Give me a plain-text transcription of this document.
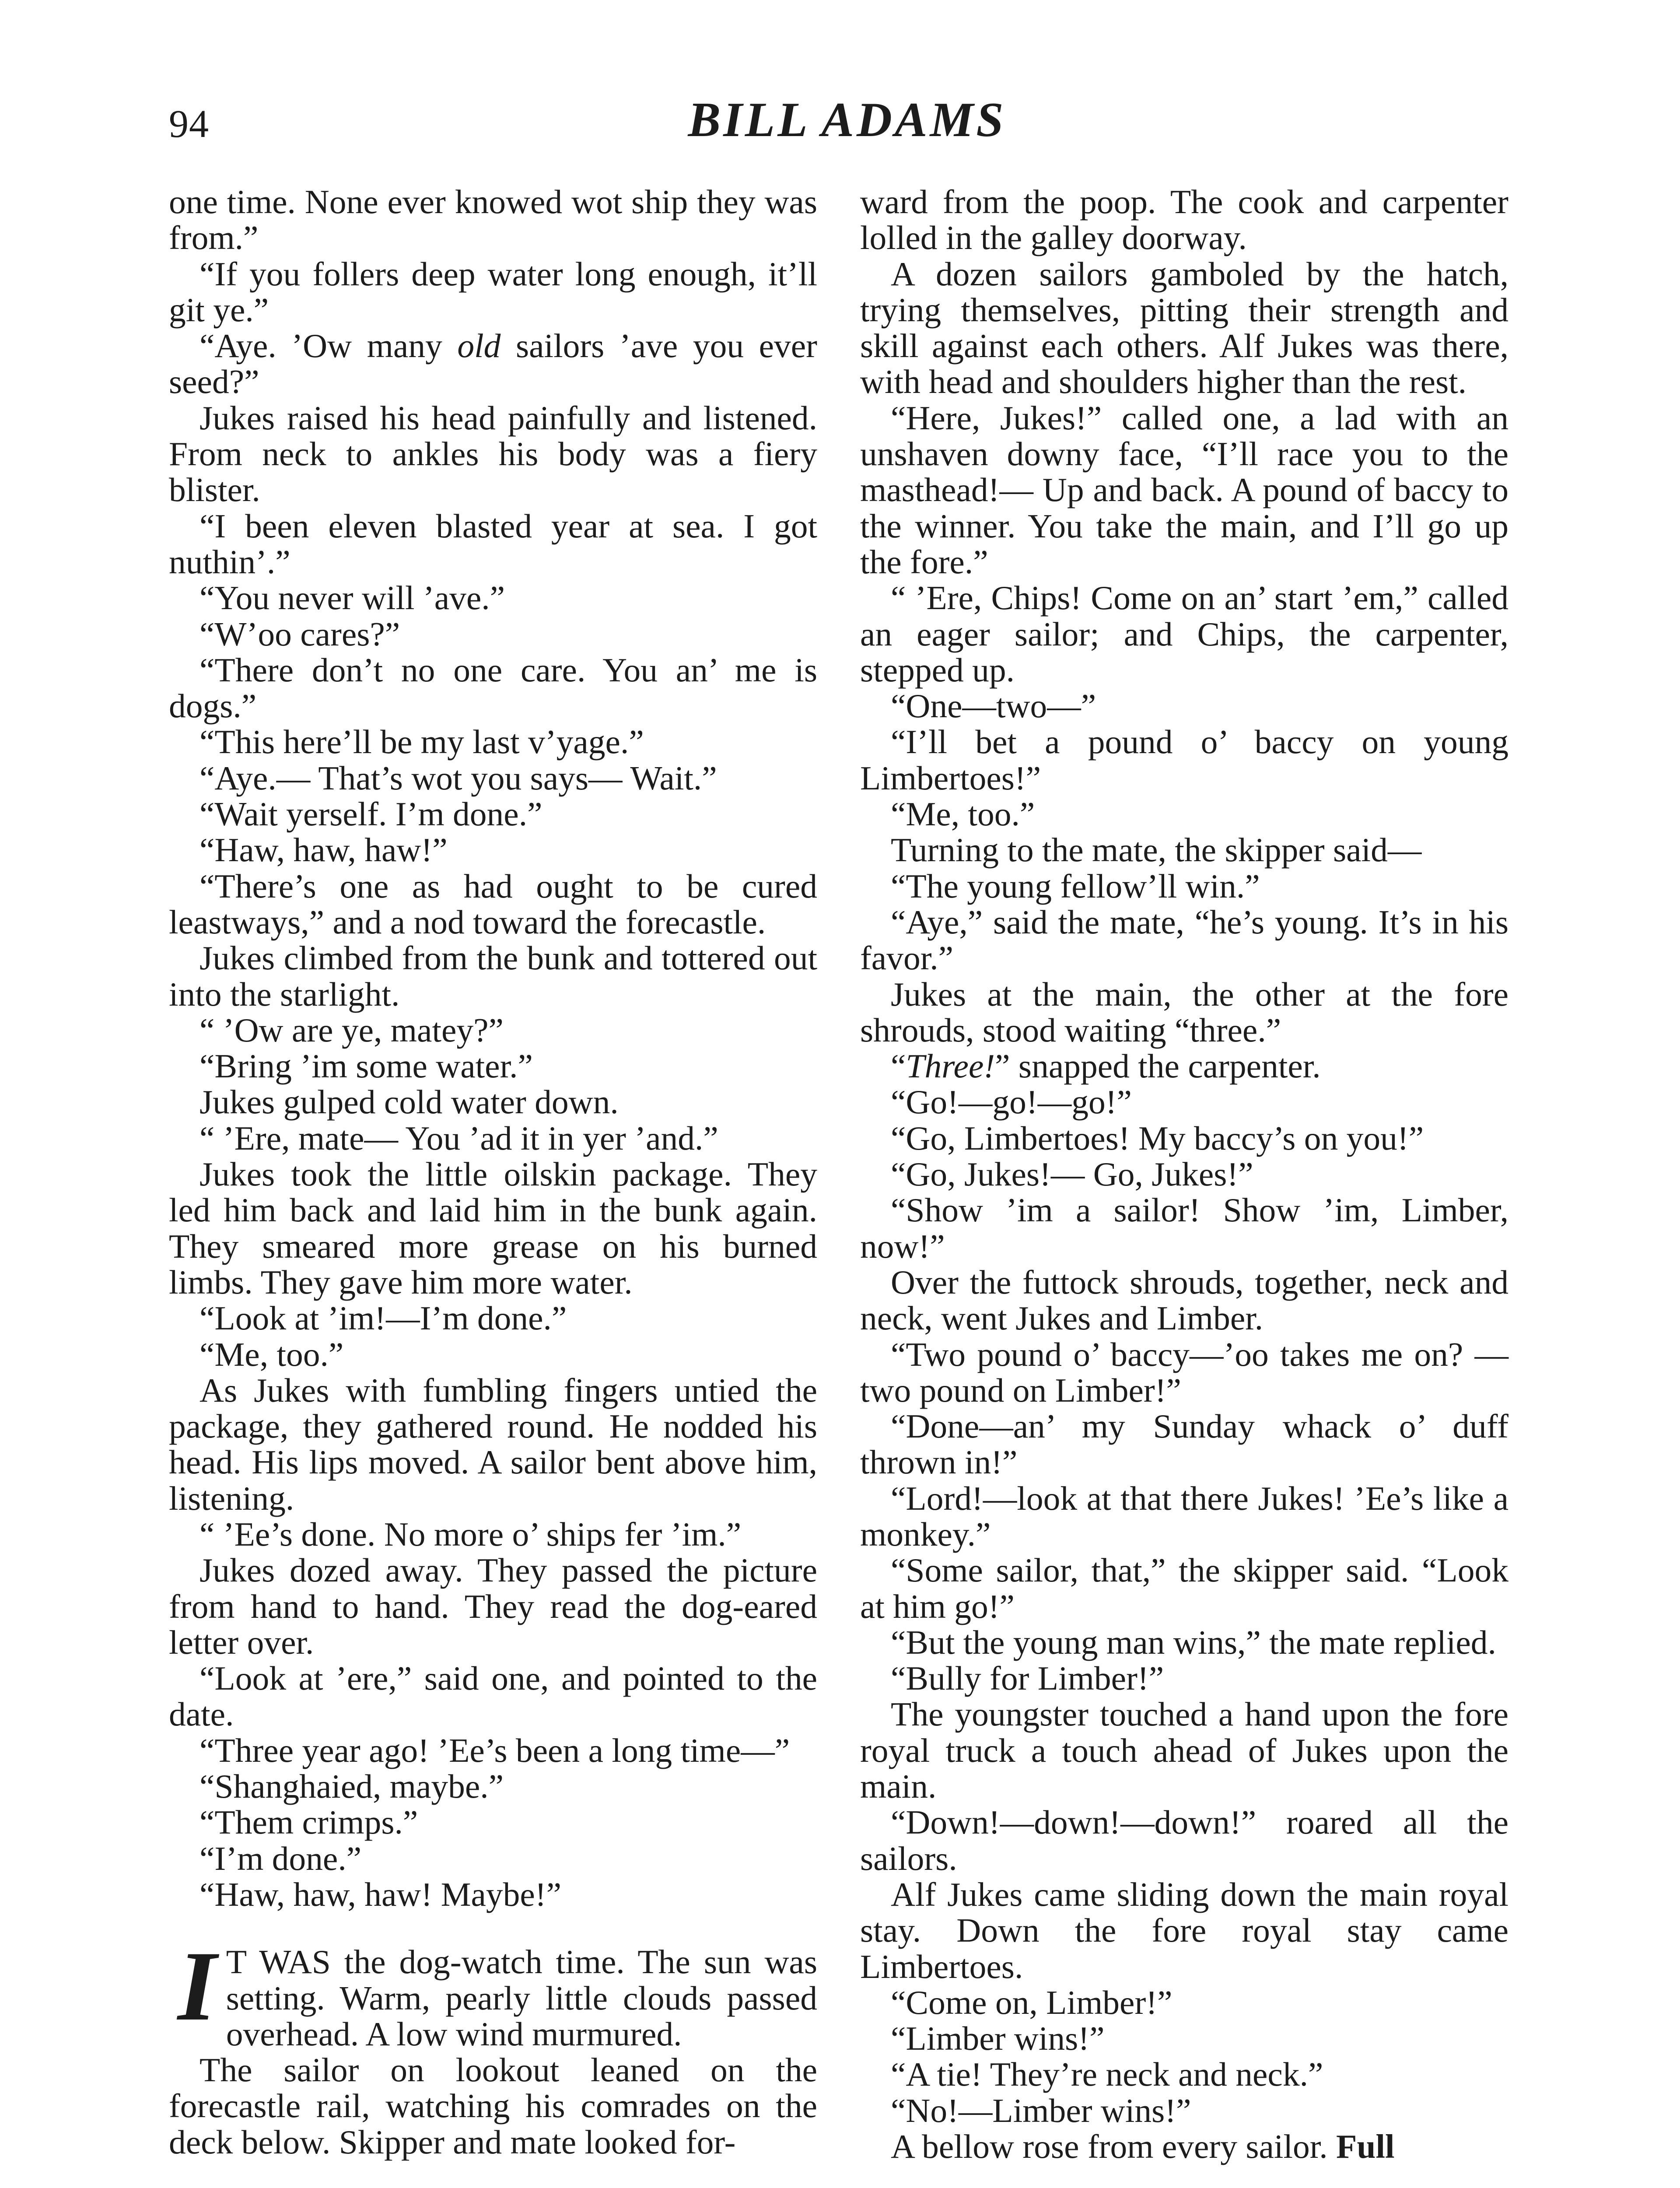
94	BILL ADAMS

one time. None ever knowed wot ship they was from.”

“If you follers deep water long enough, it’ll git ye.”

“Aye. ’Ow many old sailors ’ave you ever seed?”

Jukes raised his head painfully and listened. From neck to ankles his body was a fiery blister.

“I been eleven blasted year at sea. I got nuthin’.”

“You never will ’ave.”

“W’oo cares?”

“There don’t no one care. You an’ me is dogs.”

“This here’ll be my last v’yage.”

“Aye.— That’s wot you says— Wait.”

“Wait yerself. I’m done.”

“Haw, haw, haw!”

“There’s one as had ought to be cured leastways,” and a nod toward the forecastle.

Jukes climbed from the bunk and tottered out into the starlight.

“ ’Ow are ye, matey?”

“Bring ’im some water.”

Jukes gulped cold water down.

“ ’Ere, mate— You ’ad it in yer ’and.”

Jukes took the little oilskin package. They led him back and laid him in the bunk again. They smeared more grease on his burned limbs. They gave him more water.

“Look at ’im!—I’m done.”

“Me, too.”

As Jukes with fumbling fingers untied the package, they gathered round. He nodded his head. His lips moved. A sailor bent above him, listening.

“ ’Ee’s done. No more o’ ships fer ’im.”

Jukes dozed away. They passed the picture from hand to hand. They read the dog-eared letter over.

“Look at ’ere,” said one, and pointed to the date.

“Three year ago! ’Ee’s been a long time—”

“Shanghaied, maybe.”

“Them crimps.”

“I’m done.”

“Haw, haw, haw! Maybe!”

I T WAS the dog-watch time. The sun was setting. Warm, pearly little clouds passed overhead. A low wind murmured.

The sailor on lookout leaned on the forecastle rail, watching his comrades on the deck below. Skipper and mate looked for-

ward from the poop. The cook and carpenter lolled in the galley doorway.

A dozen sailors gamboled by the hatch, trying themselves, pitting their strength and skill against each others. Alf Jukes was there, with head and shoulders higher than the rest.

“Here, Jukes!” called one, a lad with an unshaven downy face, “I’ll race you to the masthead!— Up and back. A pound of baccy to the winner. You take the main, and I’ll go up the fore.”

“ ’Ere, Chips! Come on an’ start ’em,” called an eager sailor; and Chips, the carpenter, stepped up.

“One—two—”

“I’ll bet a pound o’ baccy on young Limbertoes!”

“Me, too.”

Turning to the mate, the skipper said—

“The young fellow’ll win.”

“Aye,” said the mate, “he’s young. It’s in his favor.”

Jukes at the main, the other at the fore shrouds, stood waiting “three.”

“Three!” snapped the carpenter.

“Go!—go!—go!”

“Go, Limbertoes! My baccy’s on you!”

“Go, Jukes!— Go, Jukes!”

“Show ’im a sailor! Show ’im, Limber, now!”

Over the futtock shrouds, together, neck and neck, went Jukes and Limber.

“Two pound o’ baccy—’oo takes me on? —two pound on Limber!”

“Done—an’ my Sunday whack o’ duff thrown in!”

“Lord!—look at that there Jukes! ’Ee’s like a monkey.”

“Some sailor, that,” the skipper said. “Look at him go!”

“But the young man wins,” the mate replied.

“Bully for Limber!”

The youngster touched a hand upon the fore royal truck a touch ahead of Jukes upon the main.

“Down!—down!—down!” roared all the sailors.

Alf Jukes came sliding down the main royal stay. Down the fore royal stay came Limbertoes.

“Come on, Limber!”

“Limber wins!”

“A tie! They’re neck and neck.”

“No!—Limber wins!”

A bellow rose from every sailor. Full
